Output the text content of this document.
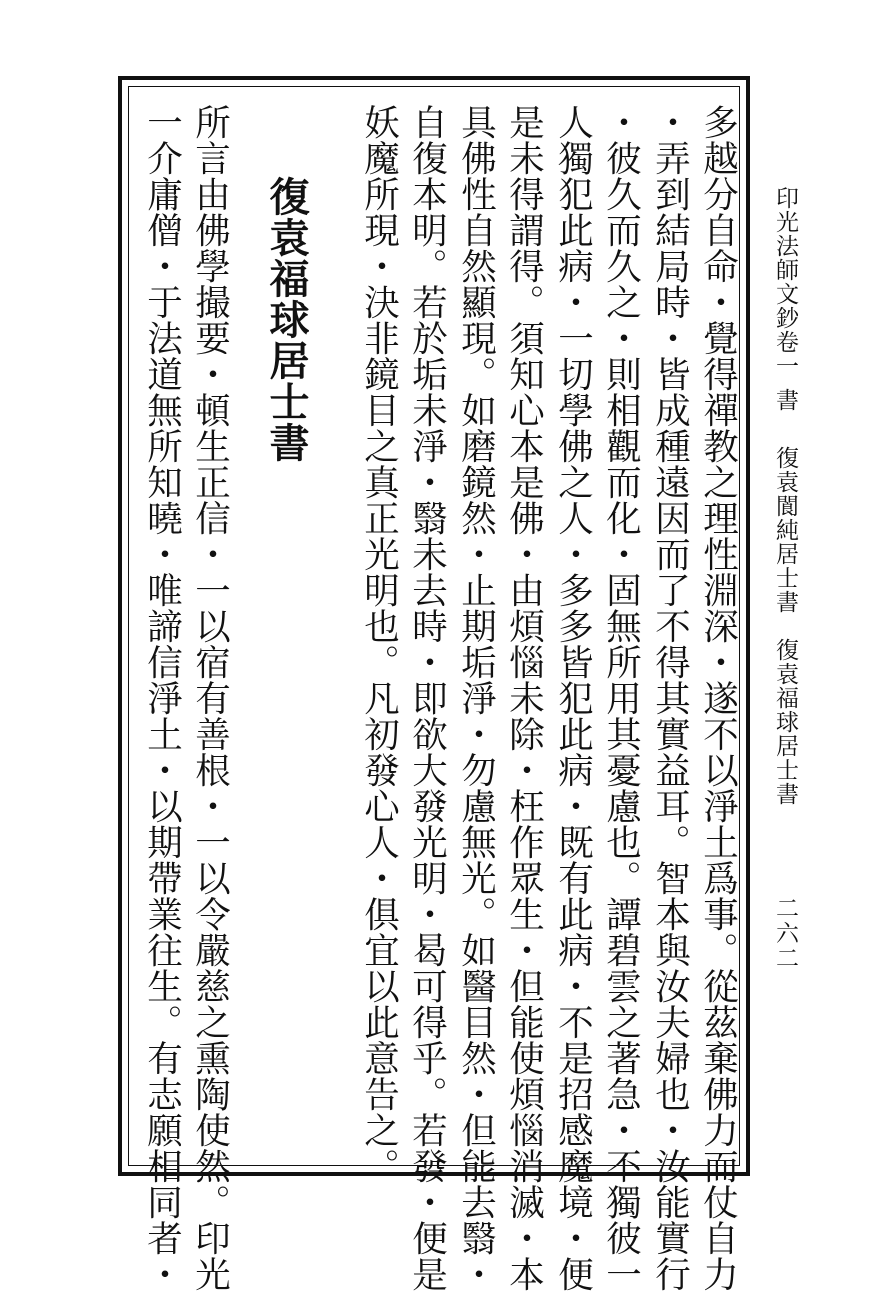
多越分自命・覺得禪教之理性淵深・遂不以淨土爲事。從茲棄佛力而仗自力
・弄到結局時・皆成種遠因而了不得其實益耳。智本與汝夫婦也・汝能實行
・彼久而久之・則相觀而化・固無所用其憂慮也。譚碧雲之著急・不獨彼一
人獨犯此病・一切學佛之人・多多皆犯此病・既有此病・不是招感魔境・便
是未得謂得。須知心本是佛・由煩惱未除・枉作眾生・但能使煩惱消滅・本
具佛性自然顯現。如磨鏡然・止期垢淨・勿慮無光。如醫目然・但能去翳・
自復本明。若於垢未淨・翳未去時・即欲大發光明・曷可得乎。若發・便是
妖魔所現・決非鏡目之真正光明也。凡初發心人・俱宜以此意告之。
復袁福球居士書
所言由佛學撮要・頓生正信・一以宿有善根・一以令嚴慈之熏陶使然。印光
一介庸僧・于法道無所知曉・唯諦信淨土・以期帶業往生。有志願相同者・	印光法師文鈔卷一
書
復袁閬純居士書　復袁福球居士書
二六二
